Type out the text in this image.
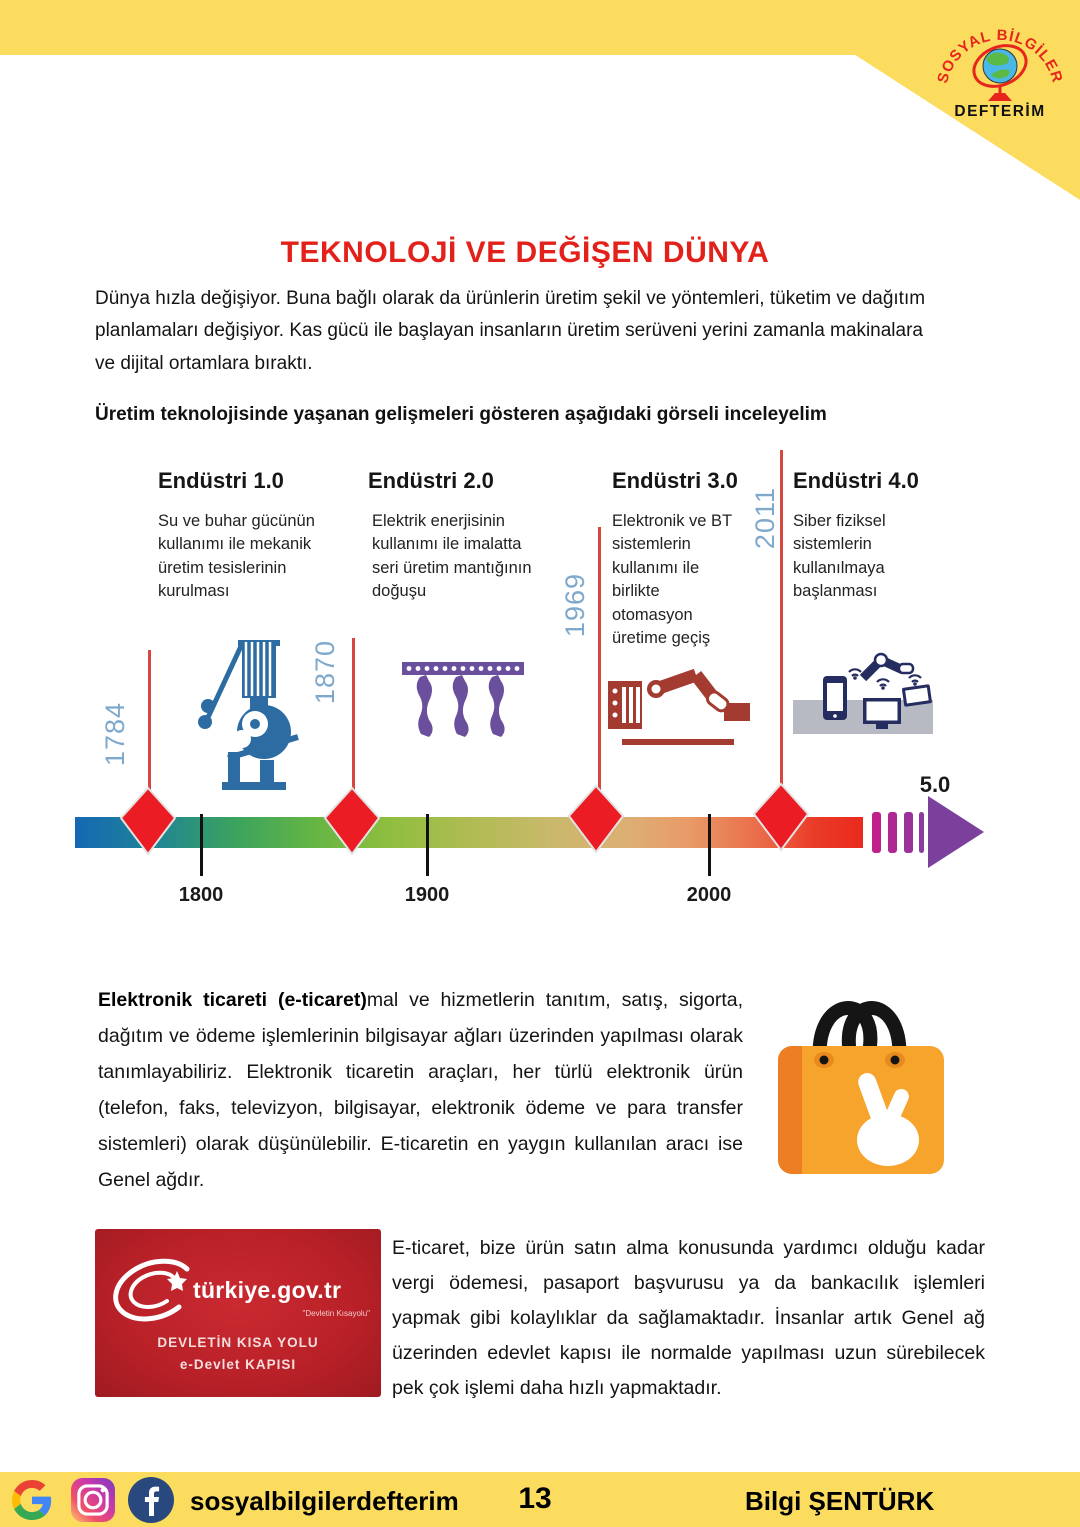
SOSYAL BİLGİLER
DEFTERİM
TEKNOLOJİ VE DEĞİŞEN DÜNYA
Dünya hızla değişiyor. Buna bağlı olarak da ürünlerin üretim şekil ve yöntemleri, tüketim ve dağıtım planlamaları değişiyor. Kas gücü ile başlayan insanların üretim serüveni yerini zamanla makinalara ve dijital ortamlara bıraktı.
Üretim teknolojisinde yaşanan gelişmeleri gösteren aşağıdaki görseli inceleyelim
Endüstri 1.0	Endüstri 2.0	Endüstri 3.0	Endüstri 4.0
Su ve buhar gücünün kullanımı ile mekanik üretim tesislerinin kurulması
Elektrik enerjisinin kullanımı ile imalatta seri üretim mantığının doğuşu
Elektronik ve BT sistemlerin kullanımı ile birlikte otomasyon üretime geçiş
Siber fiziksel sistemlerin kullanılmaya başlanması
1784
1870
1969
2011
5.0
1800	1900	2000

Elektronik ticareti (e-ticaret)mal ve hizmetlerin tanıtım, satış, sigorta, dağıtım ve ödeme işlemlerinin bilgisayar ağları üzerinden yapılması olarak tanımlayabiliriz. Elektronik ticaretin araçları, her türlü elektronik ürün (telefon, faks, televizyon, bilgisayar, elektronik ödeme ve para transfer sistemleri) olarak düşünülebilir. E-ticaretin en yaygın kullanılan aracı ise Genel ağdır.

türkiye.gov.tr
"Devletin Kısayolu"
DEVLETİN KISA YOLU
e-Devlet KAPISI

E-ticaret, bize ürün satın alma konusunda yardımcı olduğu kadar vergi ödemesi, pasaport başvurusu ya da bankacılık işlemleri yapmak gibi kolaylıklar da sağlamaktadır. İnsanlar artık Genel ağ üzerinden edevlet kapısı ile normalde yapılması uzun sürebilecek pek çok işlemi daha hızlı yapmaktadır.

sosyalbilgilerdefterim	13	Bilgi ŞENTÜRK
